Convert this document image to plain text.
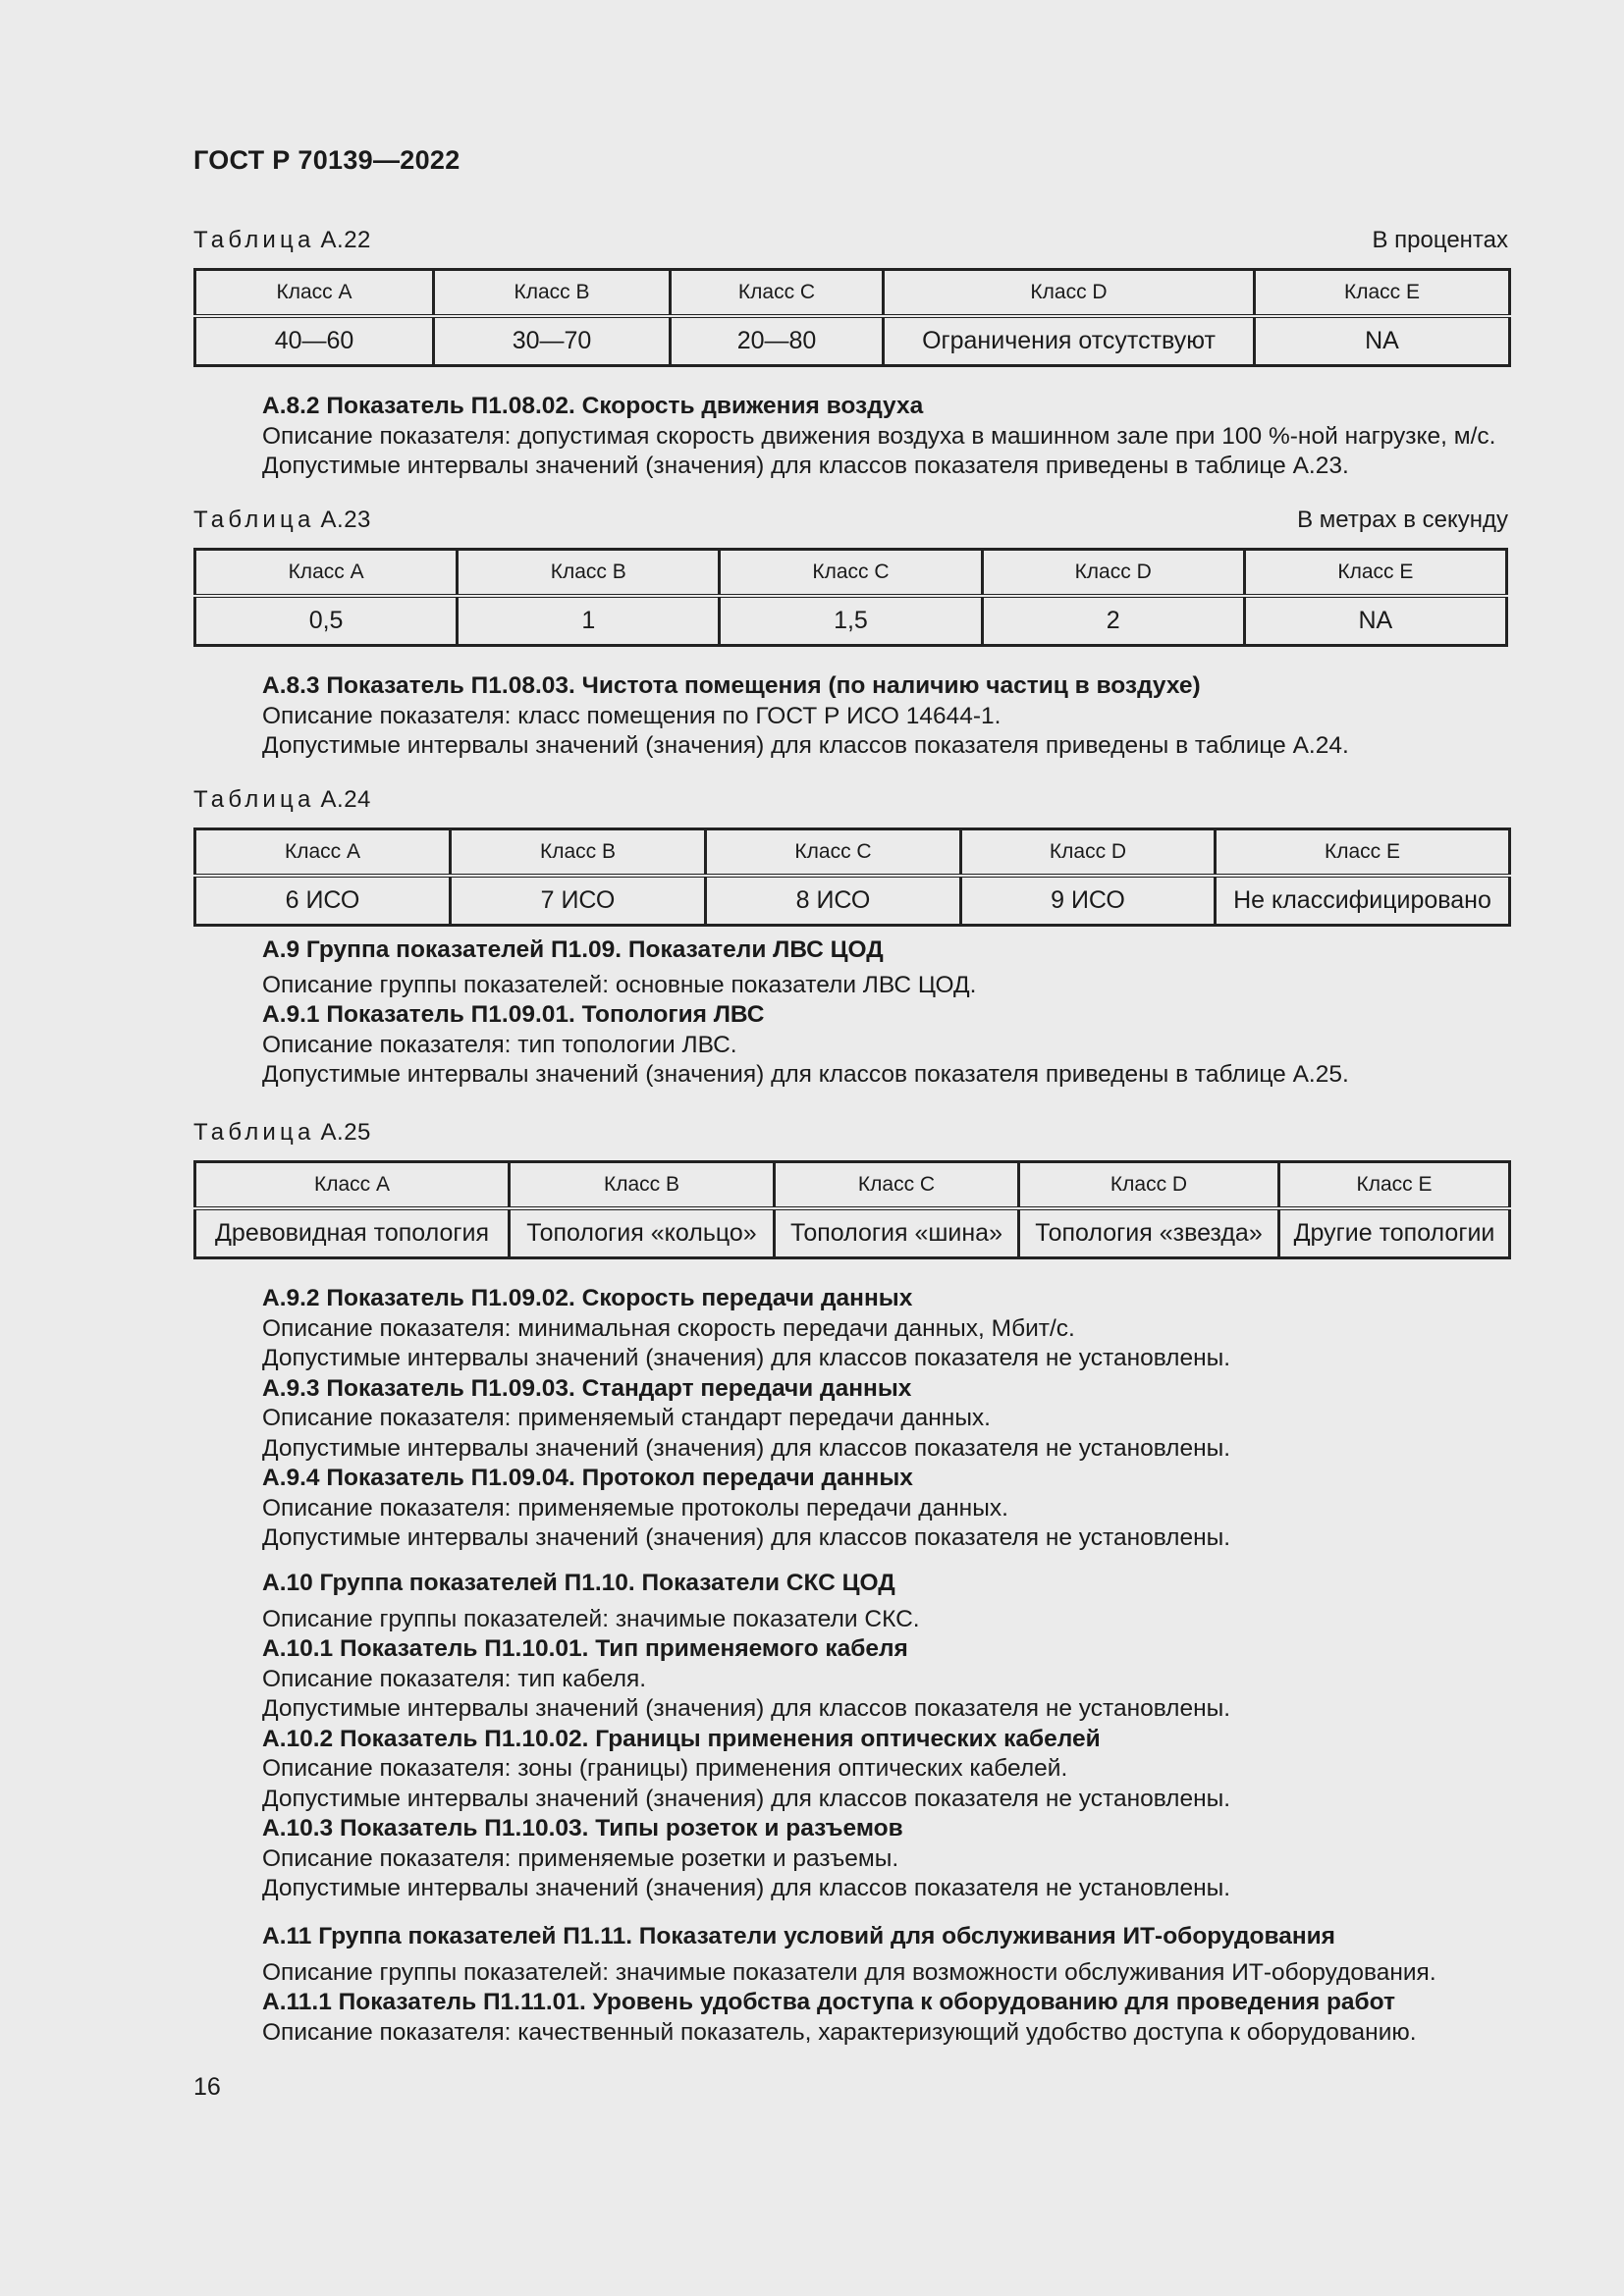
ГОСТ Р 70139—2022
Таблица А.22	В процентах
Класс А	Класс В	Класс С	Класс D	Класс E
40—60	30—70	20—80	Ограничения отсутствуют	NA

А.8.2 Показатель П1.08.02. Скорость движения воздуха

Описание показателя: допустимая скорость движения воздуха в машинном зале при 100 %-ной нагрузке, м/с.

Допустимые интервалы значений (значения) для классов показателя приведены в таблице А.23.

Таблица А.23	В метрах в секунду
Класс А	Класс В	Класс С	Класс D	Класс E
0,5	1	1,5	2	NA

А.8.3 Показатель П1.08.03. Чистота помещения (по наличию частиц в воздухе)

Описание показателя: класс помещения по ГОСТ Р ИСО 14644-1.

Допустимые интервалы значений (значения) для классов показателя приведены в таблице А.24.

Таблица А.24
Класс А	Класс В	Класс С	Класс D	Класс E
6 ИСО	7 ИСО	8 ИСО	9 ИСО	Не классифицировано

А.9 Группа показателей П1.09. Показатели ЛВС ЦОД

Описание группы показателей: основные показатели ЛВС ЦОД.

А.9.1 Показатель П1.09.01. Топология ЛВС

Описание показателя: тип топологии ЛВС.

Допустимые интервалы значений (значения) для классов показателя приведены в таблице А.25.

Таблица А.25
Класс А	Класс В	Класс С	Класс D	Класс E
Древовидная топология	Топология «кольцо»	Топология «шина»	Топология «звезда»	Другие топологии

А.9.2 Показатель П1.09.02. Скорость передачи данных

Описание показателя: минимальная скорость передачи данных, Мбит/с.

Допустимые интервалы значений (значения) для классов показателя не установлены.

А.9.3 Показатель П1.09.03. Стандарт передачи данных

Описание показателя: применяемый стандарт передачи данных.

Допустимые интервалы значений (значения) для классов показателя не установлены.

А.9.4 Показатель П1.09.04. Протокол передачи данных

Описание показателя: применяемые протоколы передачи данных.

Допустимые интервалы значений (значения) для классов показателя не установлены.

А.10 Группа показателей П1.10. Показатели СКС ЦОД

Описание группы показателей: значимые показатели СКС.

А.10.1 Показатель П1.10.01. Тип применяемого кабеля

Описание показателя: тип кабеля.

Допустимые интервалы значений (значения) для классов показателя не установлены.

А.10.2 Показатель П1.10.02. Границы применения оптических кабелей

Описание показателя: зоны (границы) применения оптических кабелей.

Допустимые интервалы значений (значения) для классов показателя не установлены.

А.10.3 Показатель П1.10.03. Типы розеток и разъемов

Описание показателя: применяемые розетки и разъемы.

Допустимые интервалы значений (значения) для классов показателя не установлены.

А.11 Группа показателей П1.11. Показатели условий для обслуживания ИТ-оборудования

Описание группы показателей: значимые показатели для возможности обслуживания ИТ-оборудования.

А.11.1 Показатель П1.11.01. Уровень удобства доступа к оборудованию для проведения работ

Описание показателя: качественный показатель, характеризующий удобство доступа к оборудованию.

16
